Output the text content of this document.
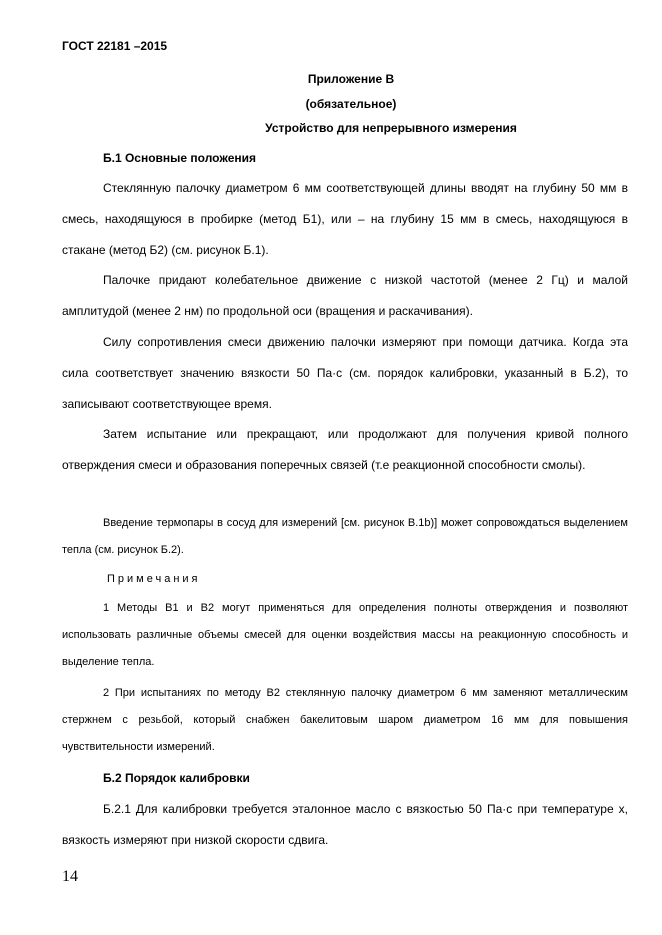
ГОСТ 22181 –2015
Приложение В
(обязательное)
Устройство для непрерывного измерения
Б.1 Основные положения

Стеклянную палочку диаметром 6 мм соответствующей длины вводят на глубину 50 мм в смесь, находящуюся в пробирке (метод Б1), или – на глубину 15 мм в смесь, находящуюся в стакане (метод Б2) (см. рисунок Б.1).

Палочке придают колебательное движение с низкой частотой (менее 2 Гц) и малой амплитудой (менее 2 нм) по продольной оси (вращения и раскачивания).

Силу сопротивления смеси движению палочки измеряют при помощи датчика. Когда эта сила соответствует значению вязкости 50 Па·с (см. порядок калибровки, указанный в Б.2), то записывают соответствующее время.

Затем испытание или прекращают, или продолжают для получения кривой полного отверждения смеси и образования поперечных связей (т.е реакционной способности смолы).

Введение термопары в сосуд для измерений [см. рисунок В.1b)] может сопровождаться выделением тепла (см. рисунок Б.2).

Примечания

1 Методы В1 и В2 могут применяться для определения полноты отверждения и позволяют использовать различные объемы смесей для оценки воздействия массы на реакционную способность и выделение тепла.

2 При испытаниях по методу В2 стеклянную палочку диаметром 6 мм заменяют металлическим стержнем с резьбой, который снабжен бакелитовым шаром диаметром 16 мм для повышения чувствительности измерений.

Б.2 Порядок калибровки

Б.2.1 Для калибровки требуется эталонное масло с вязкостью 50 Па·с при температуре x, вязкость измеряют при низкой скорости сдвига.

14
